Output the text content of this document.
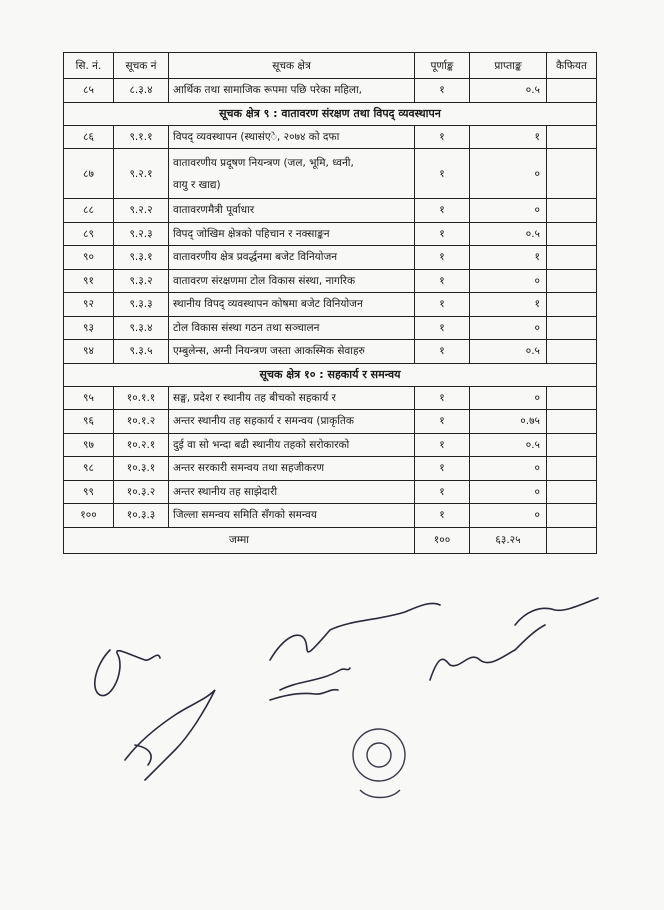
सि. नं.	सूचक नं	सूचक क्षेत्र	पूर्णाङ्क	प्राप्ताङ्क	कैफियत
८५	८.३.४	आर्थिक तथा सामाजिक रूपमा पछि परेका महिला,	१	०.५	
सूचक क्षेत्र ९ : वातावरण संरक्षण तथा विपद् व्यवस्थापन					
८६	९.१.१	विपद् व्यवस्थापन (स्थासंएे, २०७४ को दफा	१	१	
८७	९.२.१	वातावरणीय प्रदूषण नियन्त्रण (जल, भूमि, ध्वनी,
वायु र खाद्य)	१	०	
८८	९.२.२	वातावरणमैत्री पूर्वाधार	१	०	
८९	९.२.३	विपद् जोखिम क्षेत्रको पहिचान र नक्साङ्कन	१	०.५	
९०	९.३.१	वातावरणीय क्षेत्र प्रवर्द्धनमा बजेट विनियोजन	१	१	
९१	९.३.२	वातावरण संरक्षणमा टोल विकास संस्था, नागरिक	१	०	
९२	९.३.३	स्थानीय विपद् व्यवस्थापन कोषमा बजेट विनियोजन	१	१	
९३	९.३.४	टोल विकास संस्था गठन तथा सञ्चालन	१	०	
९४	९.३.५	एम्बुलेन्स, अग्नी नियन्त्रण जस्ता आकस्मिक सेवाहरु	१	०.५	
सूचक क्षेत्र १० : सहकार्य र समन्वय					
९५	१०.१.१	सङ्घ, प्रदेश र स्थानीय तह बीचको सहकार्य र	१	०	
९६	१०.१.२	अन्तर स्थानीय तह सहकार्य र समन्वय (प्राकृतिक	१	०.७५	
९७	१०.२.१	दुई वा सो भन्दा बढी स्थानीय तहको सरोकारको	१	०.५	
९८	१०.३.१	अन्तर सरकारी समन्वय तथा सहजीकरण	१	०	
९९	१०.३.२	अन्तर स्थानीय तह साझेदारी	१	०	
१००	१०.३.३	जिल्ला समन्वय समिति सँगको समन्वय	१	०	
जम्मा			१००	६३.२५	
